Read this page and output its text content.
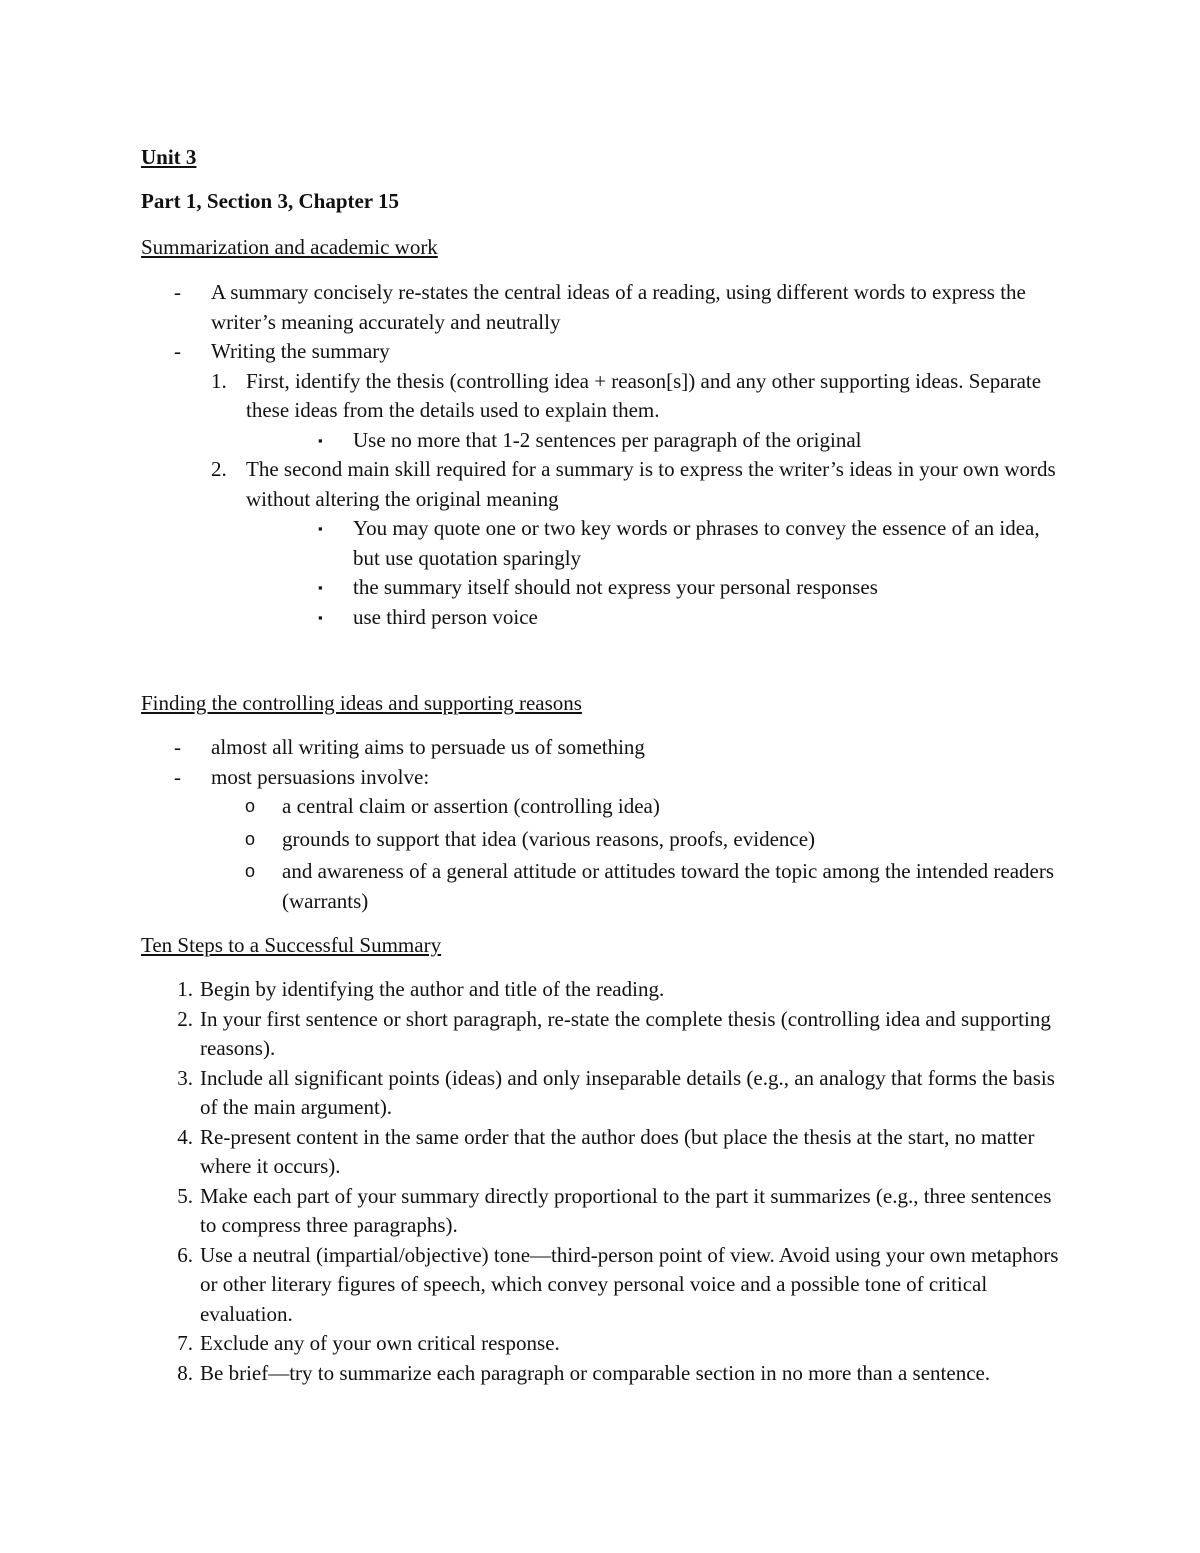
Unit 3
Part 1, Section 3, Chapter 15
Summarization and academic work
- A summary concisely re-states the central ideas of a reading, using different words to express the writer’s meaning accurately and neutrally
- Writing the summary
1. First, identify the thesis (controlling idea + reason[s]) and any other supporting ideas. Separate these ideas from the details used to explain them.
▪ Use no more that 1-2 sentences per paragraph of the original
2. The second main skill required for a summary is to express the writer’s ideas in your own words without altering the original meaning
▪ You may quote one or two key words or phrases to convey the essence of an idea, but use quotation sparingly
▪ the summary itself should not express your personal responses
▪ use third person voice
Finding the controlling ideas and supporting reasons
- almost all writing aims to persuade us of something
- most persuasions involve:
o a central claim or assertion (controlling idea)
o grounds to support that idea (various reasons, proofs, evidence)
o and awareness of a general attitude or attitudes toward the topic among the intended readers (warrants)
Ten Steps to a Successful Summary
1. Begin by identifying the author and title of the reading.
2. In your first sentence or short paragraph, re-state the complete thesis (controlling idea and supporting reasons).
3. Include all significant points (ideas) and only inseparable details (e.g., an analogy that forms the basis of the main argument).
4. Re-present content in the same order that the author does (but place the thesis at the start, no matter where it occurs).
5. Make each part of your summary directly proportional to the part it summarizes (e.g., three sentences to compress three paragraphs).
6. Use a neutral (impartial/objective) tone—third-person point of view. Avoid using your own metaphors or other literary figures of speech, which convey personal voice and a possible tone of critical evaluation.
7. Exclude any of your own critical response.
8. Be brief—try to summarize each paragraph or comparable section in no more than a sentence.
